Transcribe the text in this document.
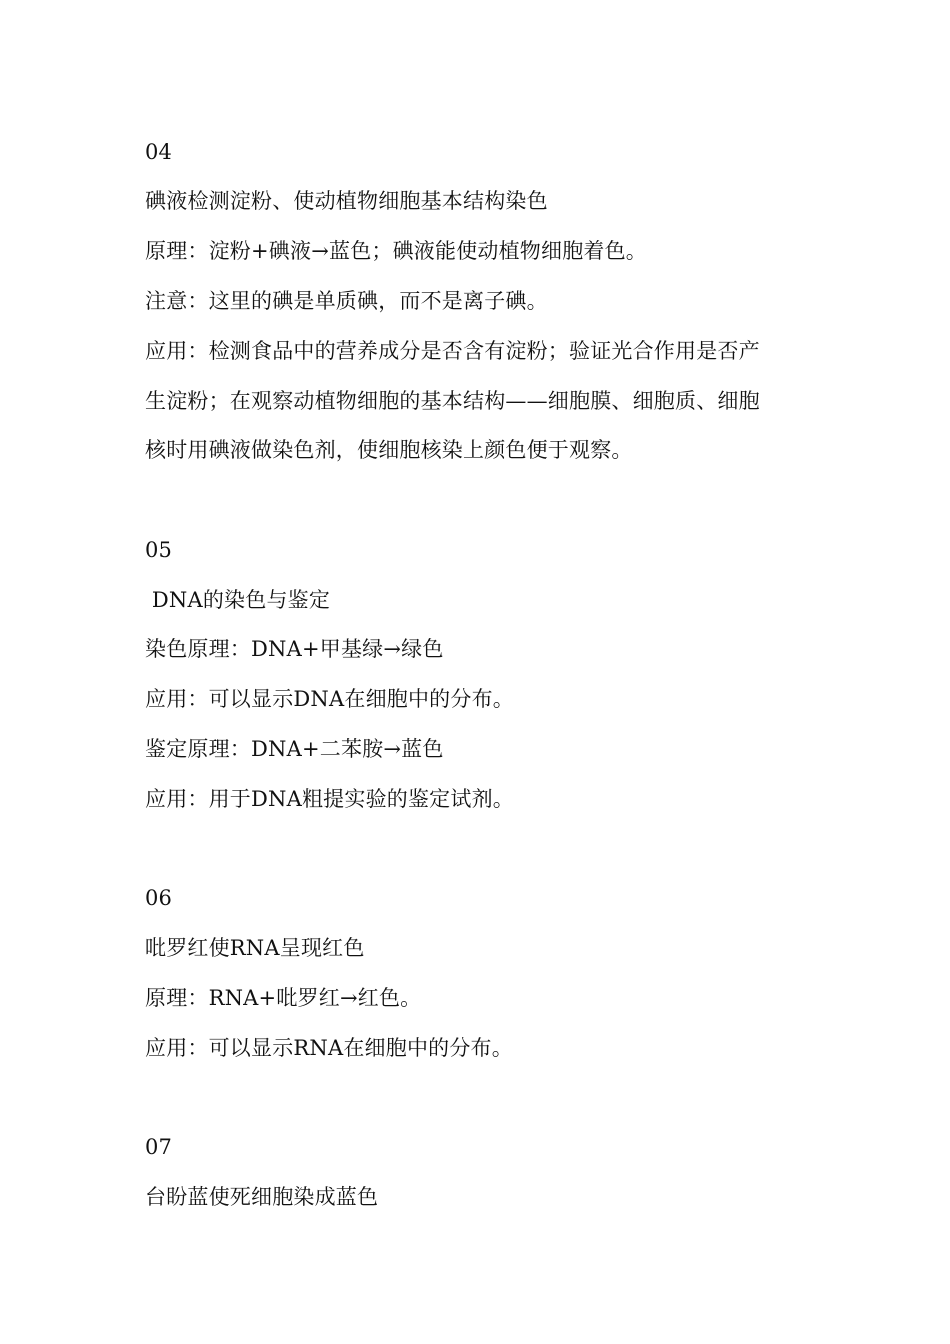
04
碘液检测淀粉、使动植物细胞基本结构染色
原理：淀粉+碘液→蓝色；碘液能使动植物细胞着色。
注意：这里的碘是单质碘，而不是离子碘。
应用：检测食品中的营养成分是否含有淀粉；验证光合作用是否产
生淀粉；在观察动植物细胞的基本结构——细胞膜、细胞质、细胞
核时用碘液做染色剂，使细胞核染上颜色便于观察。
05
DNA的染色与鉴定
染色原理：DNA+甲基绿→绿色
应用：可以显示DNA在细胞中的分布。
鉴定原理：DNA+二苯胺→蓝色
应用：用于DNA粗提实验的鉴定试剂。
06
吡罗红使RNA呈现红色
原理：RNA+吡罗红→红色。
应用：可以显示RNA在细胞中的分布。
07
台盼蓝使死细胞染成蓝色
